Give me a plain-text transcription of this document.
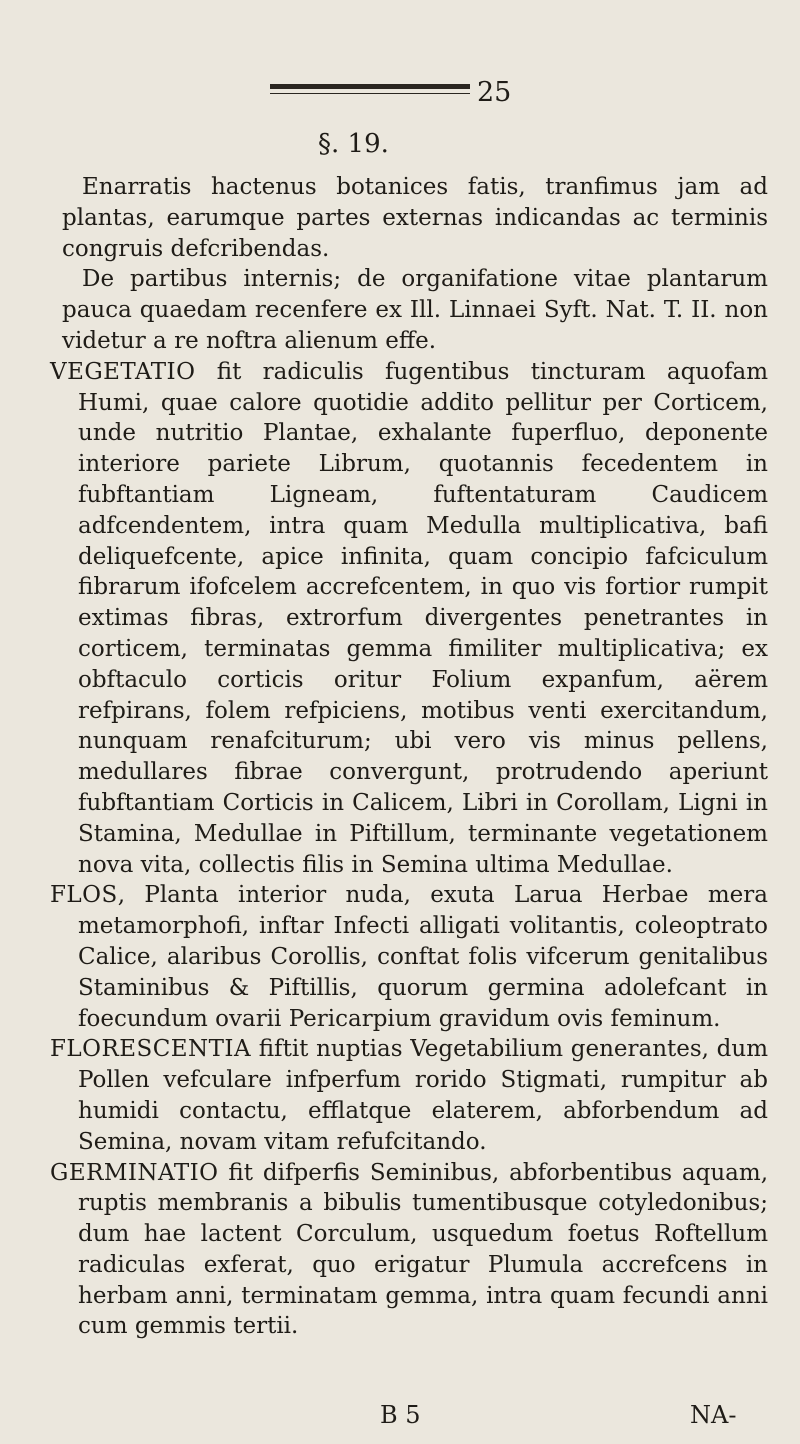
25
§. 19.

Enarratis hactenus botanices fatis, tranfimus jam ad plantas, earumque partes externas indicandas ac terminis congruis defcribendas.

De partibus internis; de organifatione vitae plantarum pauca quaedam recenfere ex Ill. Linnaei Syft. Nat. T. II. non videtur a re noftra alienum effe.

VEGETATIO fit radiculis fugentibus tincturam aquofam Humi, quae calore quotidie addito pellitur per Corticem, unde nutritio Plantae, exhalante fuperfluo, deponente interiore pariete Librum, quotannis fecedentem in fubftantiam Ligneam, fuftentaturam Caudicem adfcendentem, intra quam Medulla multiplicativa, bafi deliquefcente, apice infinita, quam concipio fafciculum fibrarum ifofcelem accrefcentem, in quo vis fortior rumpit extimas fibras, extrorfum divergentes penetrantes in corticem, terminatas gemma fimiliter multiplicativa; ex obftaculo corticis oritur Folium expanfum, aërem refpirans, folem refpiciens, motibus venti exercitandum, nunquam renafciturum; ubi vero vis minus pellens, medullares fibrae convergunt, protrudendo aperiunt fubftantiam Corticis in Calicem, Libri in Corollam, Ligni in Stamina, Medullae in Piftillum, terminante vegetationem nova vita, collectis filis in Semina ultima Medullae.

FLOS, Planta interior nuda, exuta Larua Herbae mera metamorphofi, inftar Infecti alligati volitantis, coleoptrato Calice, alaribus Corollis, conftat folis vifcerum genitalibus Staminibus & Piftillis, quorum germina adolefcant in foecundum ovarii Pericarpium gravidum ovis feminum.

FLORESCENTIA fiftit nuptias Vegetabilium generantes, dum Pollen vefculare infperfum rorido Stigmati, rumpitur ab humidi contactu, efflatque elaterem, abforbendum ad Semina, novam vitam refufcitando.

GERMINATIO fit difperfis Seminibus, abforbentibus aquam, ruptis membranis a bibulis tumentibusque cotyledonibus; dum hae lactent Corculum, usquedum foetus Roftellum radiculas exferat, quo erigatur Plumula accrefcens in herbam anni, terminatam gemma, intra quam fecundi anni cum gemmis tertii.

B 5	NA-
